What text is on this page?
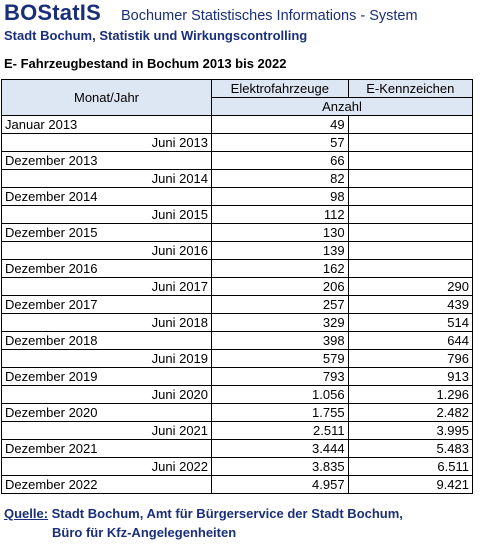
BOStatIS Bochumer Statistisches Informations - System
Stadt Bochum, Statistik und Wirkungscontrolling
E- Fahrzeugbestand in Bochum 2013 bis 2022
Monat/Jahr	Elektrofahrzeuge	E-Kennzeichen
	Anzahl	
Januar 2013	49	
Juni 2013	57	
Dezember 2013	66	
Juni 2014	82	
Dezember 2014	98	
Juni 2015	112	
Dezember 2015	130	
Juni 2016	139	
Dezember 2016	162	
Juni 2017	206	290
Dezember 2017	257	439
Juni 2018	329	514
Dezember 2018	398	644
Juni 2019	579	796
Dezember 2019	793	913
Juni 2020	1.056	1.296
Dezember 2020	1.755	2.482
Juni 2021	2.511	3.995
Dezember 2021	3.444	5.483
Juni 2022	3.835	6.511
Dezember 2022	4.957	9.421
Quelle: Stadt Bochum, Amt für Bürgerservice der Stadt Bochum,
Büro für Kfz-Angelegenheiten
